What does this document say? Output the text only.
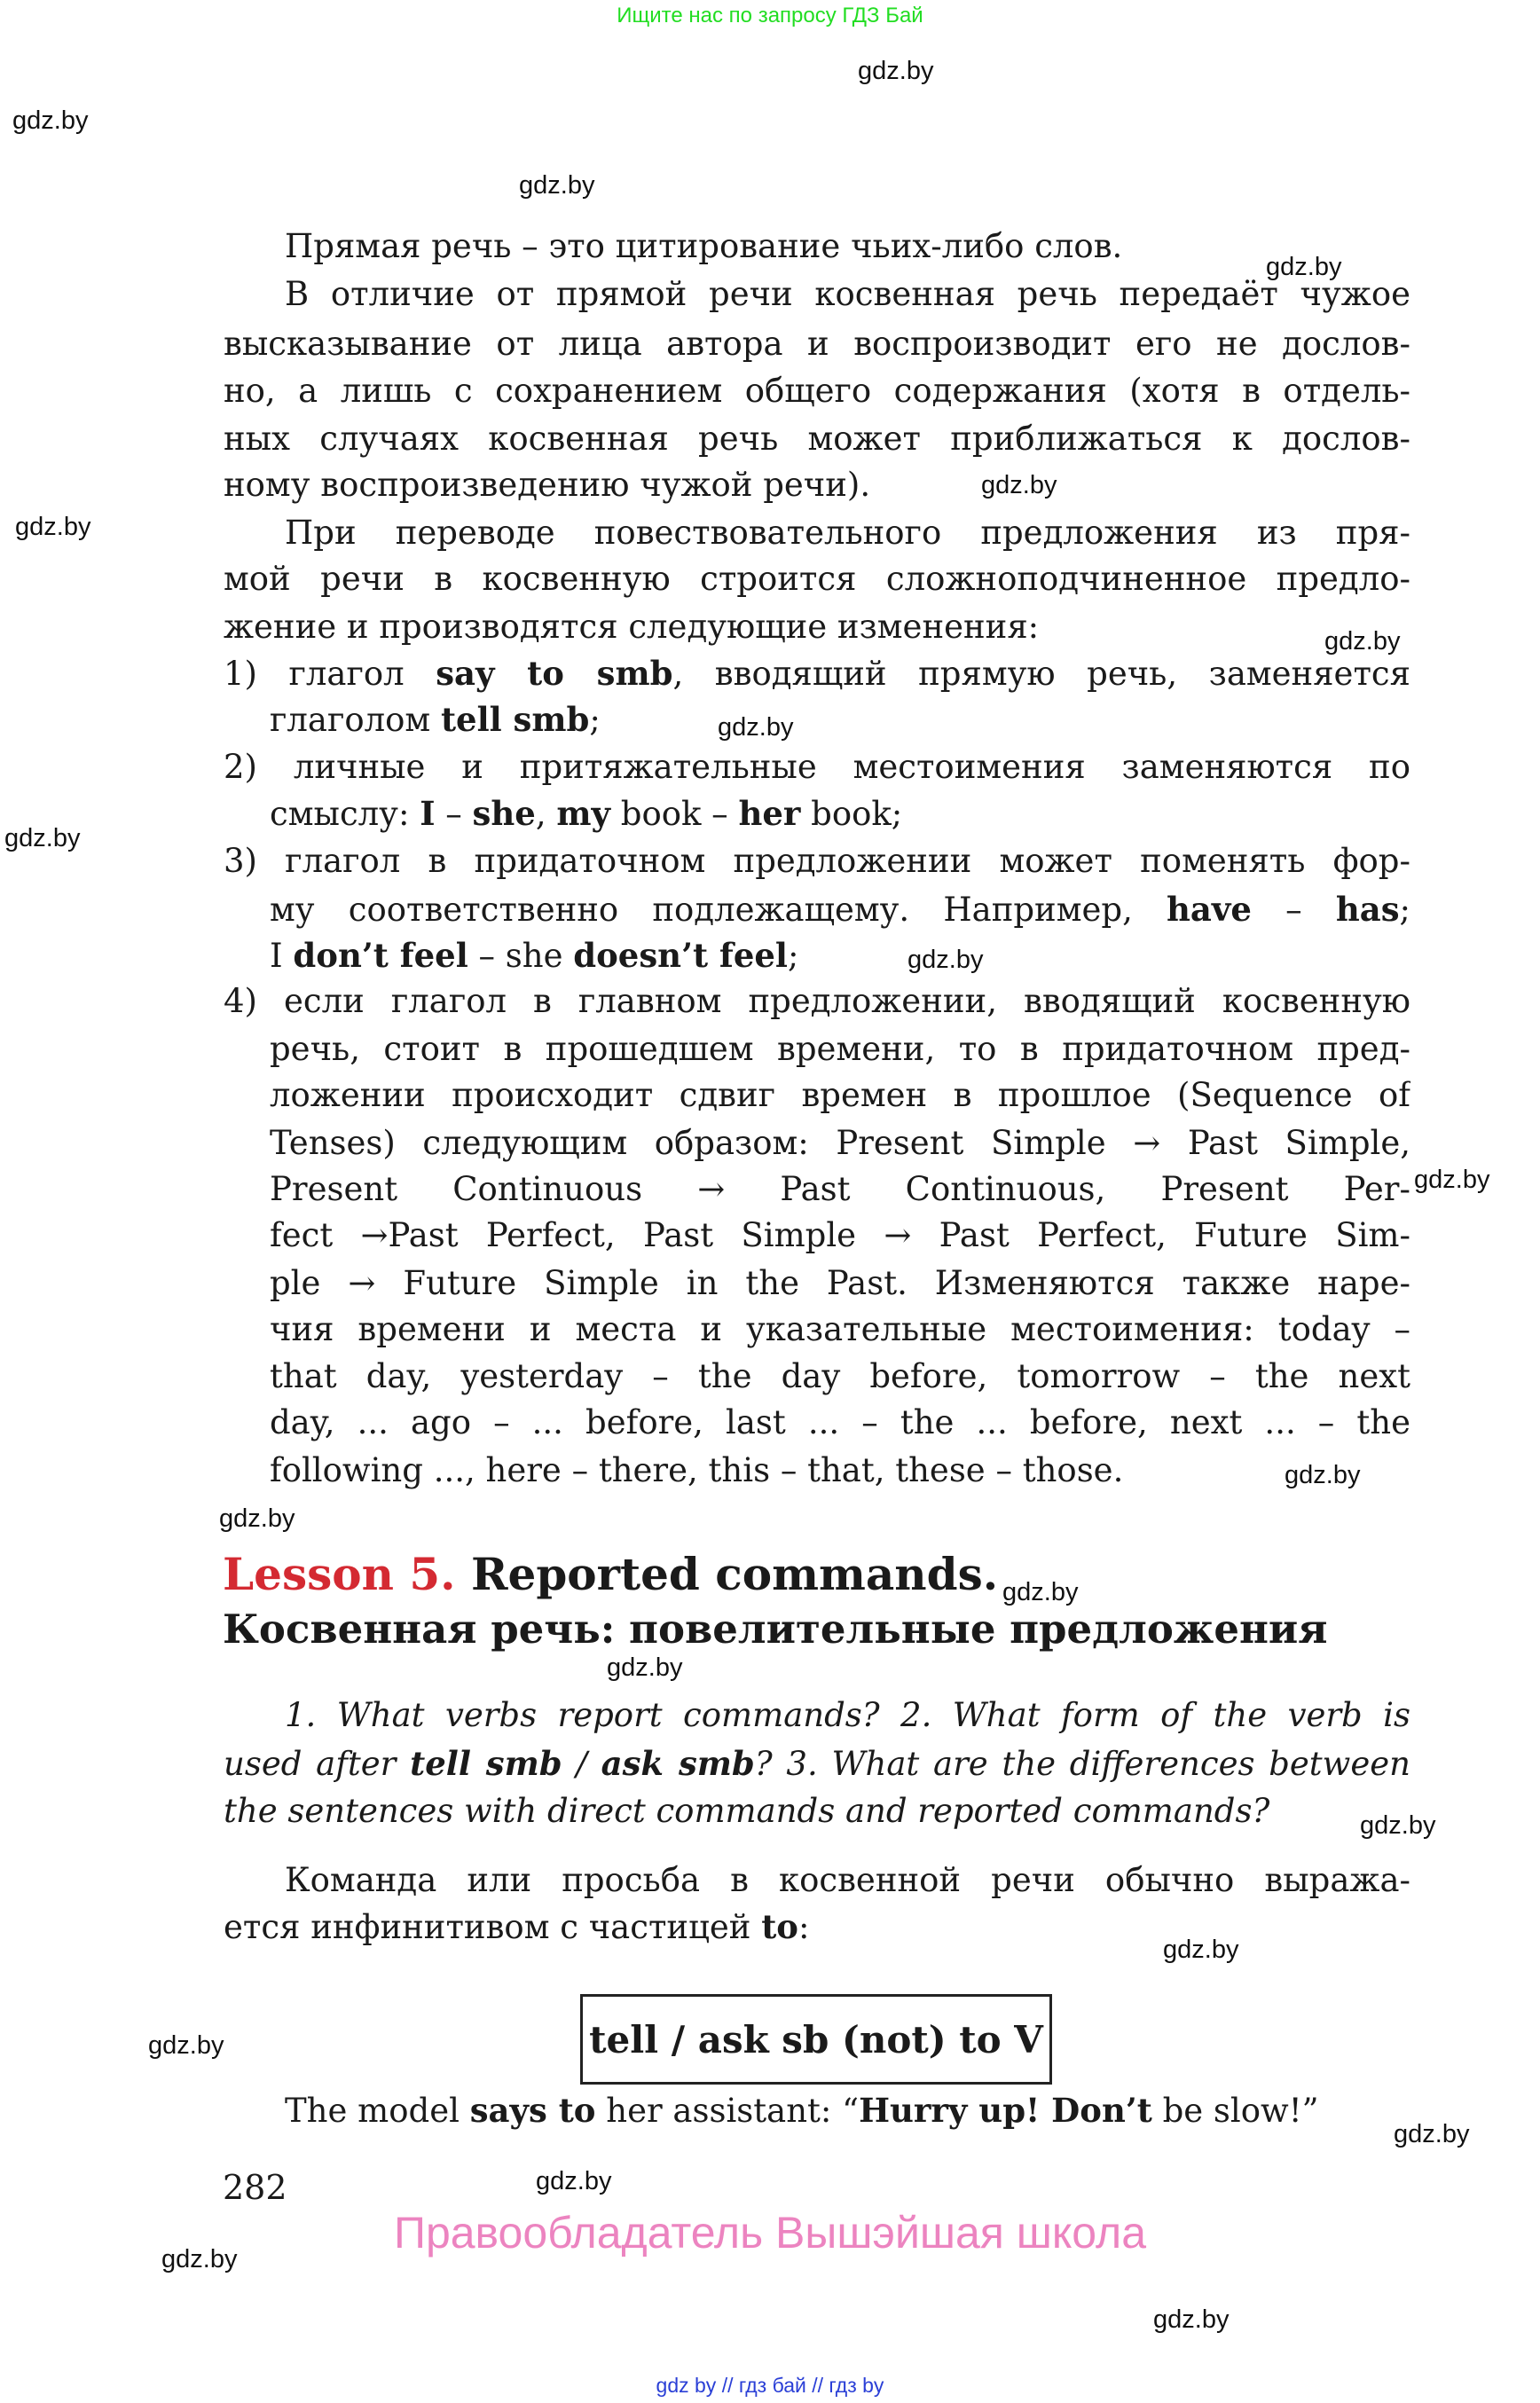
Ищите нас по запросу ГДЗ Бай
Прямая речь – это цитирование чьих-либо слов.
В отличие от прямой речи косвенная речь передаёт чужое
высказывание от лица автора и воспроизводит его не дослов-
но, а лишь с сохранением общего содержания (хотя в отдель-
ных случаях косвенная речь может приближаться к дослов-
ному воспроизведению чужой речи).
При переводе повествовательного предложения из пря-
мой речи в косвенную строится сложноподчиненное предло-
жение и производятся следующие изменения:
1) глагол say to smb, вводящий прямую речь, заменяется
глаголом tell smb;
2) личные и притяжательные местоимения заменяются по
смыслу: I – she, my book – her book;
3) глагол в придаточном предложении может поменять фор-
му соответственно подлежащему. Например, have – has;
I don’t feel – she doesn’t feel;
4) если глагол в главном предложении, вводящий косвенную
речь, стоит в прошедшем времени, то в придаточном пред-
ложении происходит сдвиг времен в прошлое (Sequence of
Tenses) следующим образом: Present Simple → Past Simple,
Present Continuous → Past Continuous, Present Per-
fect →Past Perfect, Past Simple → Past Perfect, Future Sim-
ple → Future Simple in the Past. Изменяются также наре-
чия времени и места и указательные местоимения: today –
that day, yesterday – the day before, tomorrow – the next
day, ... ago – ... before, last ... – the ... before, next ... – the
following ..., here – there, this – that, these – those.
1. What verbs report commands? 2. What form of the verb is
used after tell smb / ask smb? 3. What are the differences between
the sentences with direct commands and reported commands?
Команда или просьба в косвенной речи обычно выража-
ется инфинитивом с частицей to:
The model says to her assistant: “Hurry up! Don’t be slow!”
Lesson 5. Reported commands.
Косвенная речь: повелительные предложения
tell / ask sb (not) to V
282
Правообладатель Вышэйшая школа
gdz by // гдз бай // гдз by
gdz.by
gdz.by
gdz.by
gdz.by
gdz.by
gdz.by
gdz.by
gdz.by
gdz.by
gdz.by
gdz.by
gdz.by
gdz.by
gdz.by
gdz.by
gdz.by
gdz.by
gdz.by
gdz.by
gdz.by
gdz.by
gdz.by
